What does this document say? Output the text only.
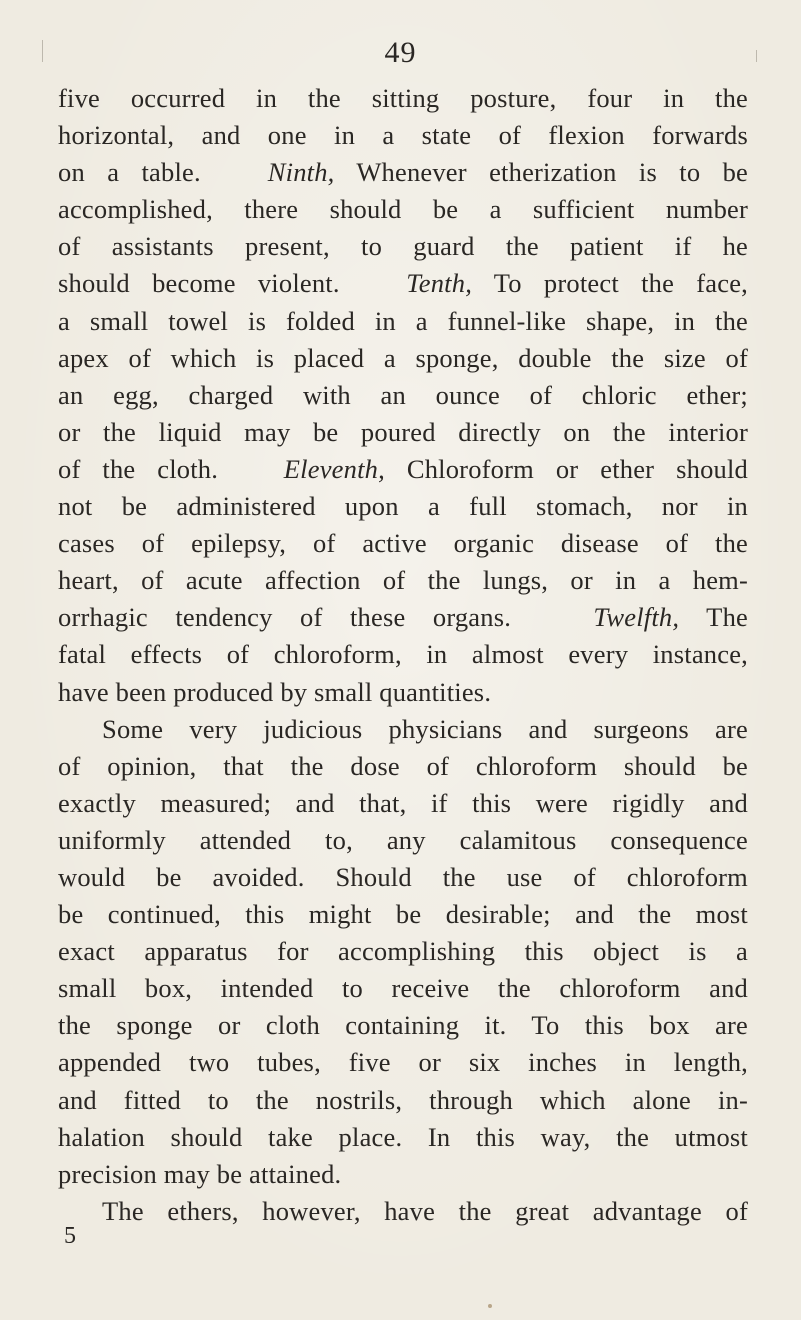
49
five occurred in the sitting posture, four in the
horizontal, and one in a state of flexion forwards
on a table.	Ninth, Whenever etherization is to be
accomplished, there should be a sufficient number
of assistants present, to guard the patient if he
should become violent.	Tenth, To protect the face,
a small towel is folded in a funnel-like shape, in the
apex of which is placed a sponge, double the size of
an egg, charged with an ounce of chloric ether;
or the liquid may be poured directly on the interior
of the cloth. Eleventh, Chloroform or ether should
not be administered upon a full stomach, nor in
cases of epilepsy, of active organic disease of the
heart, of acute affection of the lungs, or in a hem-
orrhagic tendency of these organs.	Twelfth, The
fatal effects of chloroform, in almost every instance,
have been produced by small quantities.
Some very judicious physicians and surgeons are
of opinion, that the dose of chloroform should be
exactly measured; and that, if this were rigidly and
uniformly attended to, any calamitous consequence
would be avoided. Should the use of chloroform
be continued, this might be desirable; and the most
exact apparatus for accomplishing this object is a
small box, intended to receive the chloroform and
the sponge or cloth containing it. To this box are
appended two tubes, five or six inches in length,
and fitted to the nostrils, through which alone in-
halation should take place. In this way, the utmost
precision may be attained.
The ethers, however, have the great advantage of
5
